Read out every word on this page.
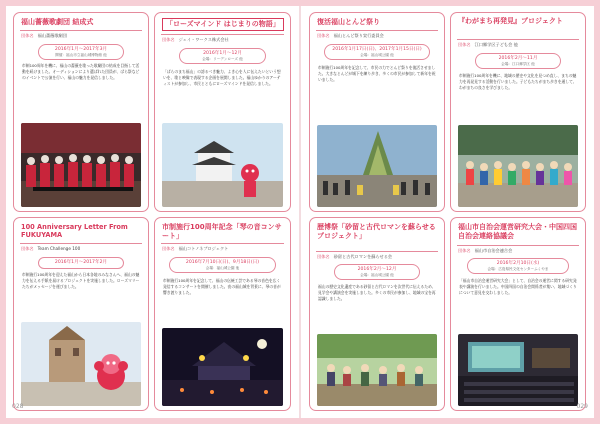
福山薔薇歌劇団 結成式
団体名 福山薔薇歌劇団
2016年1月～2017年3月
開催：福山市立福山城博物館 他
市制100周年を機に、福山の薔薇を歌った歌劇団の結成を目指して活動を続けました。オーディションにより選ばれた団員が、ばら祭などのイベントで公演を行い、福山の魅力を発信しました。
「ローズマインド はじまりの物語」
団体名 ジェイ・ワークス株式会社
2016年1月～12月
会場：リーデンローズ 他
「ばらのまち福山」の誇るべき魅力、よき心を人に伝えたいという想いを、歌と映像で表現する企画を展開しました。福山ゆかりのアーティストが参加し、市民とともにローズマインドを発信しました。
復活福山とんど祭り
団体名 福山とんど祭り実行委員会
2016年1月17日(日)、2017年1月15日(日)
会場：福山城公園 他
市制施行100周年を記念して、市民の力でとんど祭りを復活させました。大きなとんどが城下を練り歩き、多くの市民が参加して新年を祝いました。
『わがまち再発見』プロジェクト
団体名 江口郷学区子ども会 他
2016年2月～11月
会場：江口郷学区 他
市制施行100周年を機に、地域の歴史や文化を見つめ直し、まちの魅力を再発見する活動を行いました。子どもたちがまち歩きを通して、わがまちの良さを学びました。
100 Anniversary Letter From FUKUYAMA
団体名 Team Challenge 100
2016年1月～2017年2月
市制施行100周年を迎えた福山から日本各地のみなさんへ、福山の魅力を伝える手紙を届けるプロジェクトを実施しました。ローズマリーたちがメッセージを運びました。
市制施行100周年記念「琴の音コンサート」
団体名 福山コトノネプロジェクト
2016年7月10日(日)、9月18日(日)
会場：福山城公園 他
市制施行100周年を記念して、福山の伝統工芸である琴の音色を広く発信するコンサートを開催しました。夜の福山城を背景に、琴の音が響き渡りました。
歴博祭「砂留と古代ロマンを蘇らせるプロジェクト」
団体名 砂留と古代ロマンを蘇らせる会
2016年2月～12月
会場：福山城公園 他
福山の歴史文化遺産である砂留と古代ロマンを次世代に伝えるため、見学会や講演会を実施しました。多くの市民が参加し、地域の宝を再認識しました。
福山市自治会運営研究大会・中国四国自治会連絡協議会
団体名 福山市自治会連合会
2016年2月10日(水)
会場：広島県民文化センターふくやま
「福山市自治会運営研究大会」として、自治会の運営に関する研究発表や講演を行いました。中国四国の自治会関係者が集い、地域づくりについて意見を交わしました。
028	029
